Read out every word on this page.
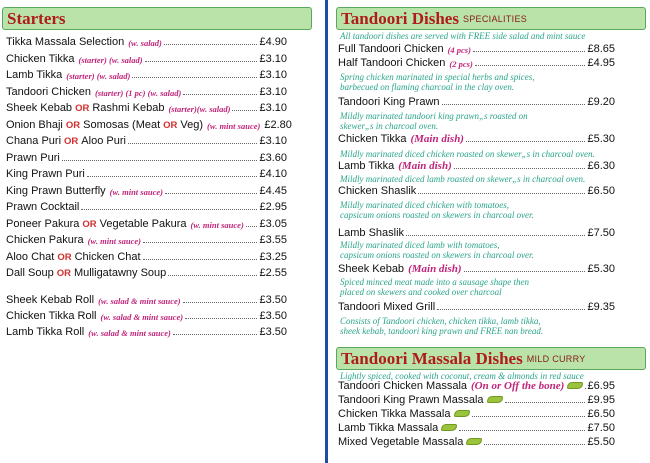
Starters
Tikka Massala Selection (w. salad)	£4.90
Chicken Tikka (starter) (w. salad)	£3.10
Lamb Tikka (starter) (w. salad)	£3.10
Tandoori Chicken (starter) (1 pc) (w. salad)	£3.10
Sheek Kebab OR Rashmi Kebab (starter)(w. salad)	£3.10
Onion Bhaji OR Somosas (Meat OR Veg) (w. mint sauce) £2.80
Chana Puri OR Aloo Puri	£3.10
Prawn Puri	£3.60
King Prawn Puri	£4.10
King Prawn Butterfly (w. mint sauce)	£4.45
Prawn Cocktail	£2.95
Poneer Pakura OR Vegetable Pakura (w. mint sauce) £3.05
Chicken Pakura (w. mint sauce)	£3.55
Aloo Chat OR Chicken Chat	£3.25
Dall Soup OR Mulligatawny Soup	£2.55
Sheek Kebab Roll (w. salad & mint sauce)	£3.50
Chicken Tikka Roll (w. salad & mint sauce)	£3.50
Lamb Tikka Roll (w. salad & mint sauce)	£3.50
Tandoori Dishes SPECIALITIES
All tandoori dishes are served with FREE side salad and mint sauce
Full Tandoori Chicken (4 pcs)	£8.65
Half Tandoori Chicken (2 pcs)	£4.95
Tandoori King Prawn	£9.20
Chicken Tikka (Main dish)	£5.30
Lamb Tikka (Main dish)	£6.30
Chicken Shaslik	£6.50
Lamb Shaslik	£7.50
Sheek Kebab (Main dish)	£5.30
Tandoori Mixed Grill	£9.35
Tandoori Massala Dishes MILD CURRY
Lightly spiced, cooked with coconut, cream & almonds in red sauce
Tandoori Chicken Massala (On or Off the bone) £6.95
Tandoori King Prawn Massala	£9.95
Chicken Tikka Massala	£6.50
Lamb Tikka Massala	£7.50
Mixed Vegetable Massala	£5.50
Spring chicken marinated in special herbs and spices,
barbecued on flaming charcoal in the clay oven.
Mildly marinated tandoori king prawn„s roasted on
skewer„s in charcoal oven.
Mildly marinated diced chicken roasted on skewer„s in charcoal oven.
Mildly marinated diced lamb roasted on skewer„s in charcoal oven.
Mildly marinated diced chicken with tomatoes,
capsicum onions roasted on skewers in charcoal over.
Mildly marinated diced lamb with tomatoes,
capsicum onions roasted on skewers in charcoal over.
Spiced minced meat made into a sausage shape then
placed on skewers and cooked over charcoal
Consists of Tandoori chicken, chicken tikka, lamb tikka,
sheek kebab, tandoori king prawn and FREE nan bread.
